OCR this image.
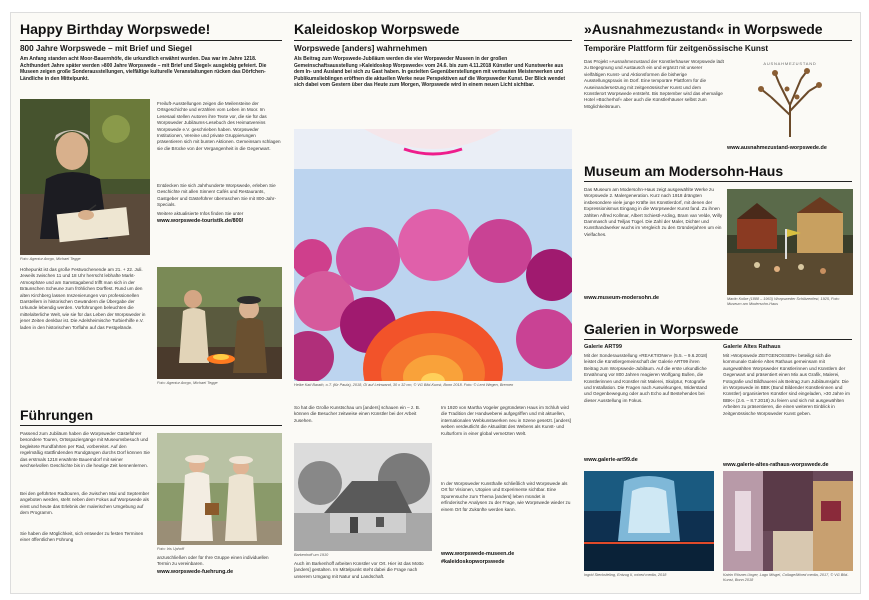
Happy Birthday Worpswede!
800 Jahre Worpswede – mit Brief und Siegel
Am Anfang standen acht Moor-Bauernhöfe, die urkundlich erwähnt wurden. Das war im Jahre 1218. Achthundert Jahre später werden »800 Jahre Worpswede – mit Brief und Siegel« ausgiebig gefeiert. Die Museen zeigen große Sonderausstellungen, vielfältige kulturelle Veranstaltungen rücken das Dörfchen-Ländliche in den Mittelpunkt.
Foto: Agentur Anrgo, Michael Tegge
Freiluft-Ausstellungen zeigen die Meilensteine der Ortsgeschichte und erzählen vom Leben im Moor. Im Lesesaal stellen Autoren ihre Texte vor, die sie für das Worpsweder Jubiläums-Lesebuch des Heimatvereins Worpswede e.V. geschrieben haben. Worpsweder Institutionen, Vereine und private Gruppierungen präsentieren sich mit bunten Aktionen. Gemeinsam schlagen sie die Brücke von der Vergangenheit in die Gegenwart.
Entdecken Sie sich Jahrhunderte Worpswede, erleben Sie Geschichte mit allen Sinnen! Cafés und Restaurants, Gastgeber und Gästeführer überraschen Sie mit 800-Jahr-Specials.
Weitere aktualisierte Infos finden Sie unter
www.worpswede-touristik.de/800/
Höhepunkt ist das große Festwochenende am 21. + 22. Juli. Jeweils zwischen 11 und 18 Uhr herrscht lebhafte Markt-Atmosphäre und am Samstagabend trifft man sich in der Bräunschen Scheune zum fröhlichen Dorffest. Rund um den alten Kirchberg lassen Inszenierungen von professionellen Darstellern in historischen Gewändern die Übergabe der Urkunde lebendig werden. Vorführungen beleuchten die mittelalterliche Welt, wie sie für das Leben der Worpsweder in jener Zeiten denkbar ist. Die Adelsheimische Turbierhilfe e.V. laden in den historischen Torflahn auf das Festgelände.
Foto: Agentur Anrgo, Michael Tegge
Führungen
Passend zum Jubiläum haben die Worpsweder Gästeführer besondere Touren, Ortsspaziergänge mit Museumsbesuch und begleitete Rundfahrten per Rad, vorbereitet. Auf den regelmäßig stattfindenden Rundgängen durchs Dorf können Sie das erstmals 1218 erwähnte Bauerndorf mit seiner wechselvollen Geschichte bis in die heutige Zeit kennenlernen.
Bei den geführten Radtouren, die zwischen Mai und September angeboten werden, steht neben dem Fokus auf Worpswede als einst und heute das Erlebnis der malerischen Umgebung auf dem Programm.
Sie haben die Möglichkeit, sich entweder zu festen Terminen einer öffentlichen Führung
Foto: Iris Uphoff
anzuschließen oder für Ihre Gruppe einen individuellen Termin zu vereinbaren.
www.worpswede-fuehrung.de
Kaleidoskop Worpswede
Worpswede [anders] wahrnehmen
Als Beitrag zum Worpswede-Jubiläum werden die vier Worpsweder Museen in der großen Gemeinschaftsausstellung »Kaleidoskop Worpswede« vom 24.6. bis zum 4.11.2018 Künstler und Kunstwerke aus dem In- und Ausland bei sich zu Gast haben. In gezielten Gegenüberstellungen mit vertrauten Meisterwerken und Publikumslieblingen eröffnen die aktuellen Werke neue Perspektiven auf die Worpsweder Kunst. Der Blick wendet sich dabei vom Gestern über das Heute zum Morgen, Worpswede wird in einem neuen Licht sichtbar.
Heike Kati Barath, o.T. (für Paula), 2018, Öl auf Leinwand, 30 x 32 cm, © VG Bild-Kunst, Bonn 2018. Foto: © Lent Wegen, Bremen
So hat die Große Kunstschau um [anders] schauen ein – z. B. können die Besucher zeitweise einen Künstler bei der Arbeit zusehen.
Barkenhoff um 1910
Auch im Barkenhoff arbeiten Künstler vor Ort. Hier ist das Motto [anders] gestalten. Im Mittelpunkt steht dabei die Frage nach unserem Umgang mit Natur und Landschaft.
Im 1920 von Martha Vogeler gegründeten Haus im Schluh wird die Tradition der Handweberei aufgegriffen und mit aktuellen, internationalen Webkunstwerken neu in Szene gesetzt. [anders] weben verdeutlicht die Aktualität des Webens als Kunst- und Kulturform in einer global vernetzten Welt.
In der Worpsweder Kunsthalle schließlich wird Worpswede als Ort für Visionen, Utopien und Experimente sichtbar. Eine Spurensuche zum Thema [anders] leben mündet in erfinderische Analysen zu der Frage, wie Worpswede wieder zu einem Ort für Zukünfte werden kann.
www.worpswede-museen.de
#kaleidoskopworpswede
»Ausnahmezustand« in Worpswede
Temporäre Plattform für zeitgenössische Kunst
Das Projekt »Ausnahmezustand der Künstlerhäuser Worpswede lädt zu Begegnung und Austausch ein und ergänzt mit unserer vielfältigen Kunst- und Aktionsformen die bisherige Ausstellungspraxis im Dorf. Eine temporäre Plattform für die Auseinandersetzung mit zeitgenössischer Kunst und dem Künstlerort Worpswede entsteht. Bis September wird das ehemalige Hotel »Bücherhof« aber auch die Künstlerhäuser selbst zum Möglichkeitsraum.
AUSNAHMEZUSTAND
www.ausnahmezustand-worpswede.de
Museum am Modersohn-Haus
Das Museum am Modersohn-Haus zeigt ausgewählte Werke zu Worpswede 2. Malergeneration. Kurz nach 1918 drängten insbesondere viele junge Kräfte ins Künstlerdorf, mit denen der Expressionismus Eingang in die Worpsweder Kunst fand. Zu ihnen zählten Alfred Kollmar, Albert Schiestl-Arding, Bram van Velde, Willy Dammasch und Teiljas Tügel. Die Zahl der Maler, Dichter und Kunsthandwerker wuchs im Vergleich zu den Gründerjahren um ein Vielfaches.
www.museum-modersohn.de	Martin Kolbe (1888 – 1963) Worpsweder Schützenfest, 1925, Foto: Museum am Modersohn-Haus
Galerien in Worpswede
Galerie ART99
Mit der Sonderausstellung »REAKTIONen« (5.5. – 9.6.2018) leistet die Künstlergemeinschaft der Galerie ART99 ihren Beitrag zum Worpswede-Jubiläum. Auf die erste urkundliche Erwähnung vor 800 Jahren reagieren Wolfgang Bullen, die Künstlerinnen und Künstler mit Malerei, Skulptur, Fotografie und Installation. Die Fragen nach Auswirkungen, Widerstand und Gegenbewegung oder auch Echo auf Bestehendes bei dieser Ausstellung im Fokus.
www.galerie-art99.de
Galerie Altes Rathaus
Mit »Worpswede ZEITGENOSSEN« beteiligt sich die kommunale Galerie Altes Rathaus gemeinsam mit ausgewählten Worpsweder Künstlerinnen und Künstlern der Gegenwart und präsentiert einen Mix aus Grafik, Malerei, Fotografie und Bildhauerei als Beitrag zum Jubiläumsjahr. Die im Worpswede im BBK (Bund Bildender Künstlerinnen und Künstler) organisierten Künstler sind eingeladen, »30 Jahre im BBK« (2.6. – 8.7.2018) zu feiern und sich mit ausgewählten Arbeiten zu präsentieren, die einen weiteren Einblick in zeitgenössische Worpsweder Kunst geben.
www.galerie-altes-rathaus-worpswede.de
Ingrid Stecksfeling, Entzug II, mixed media, 2018	Katrin Rösner-Unger, Lago Misgel, Collage/Mixed media, 2017, © VG Bild-Kunst, Bonn 2018
